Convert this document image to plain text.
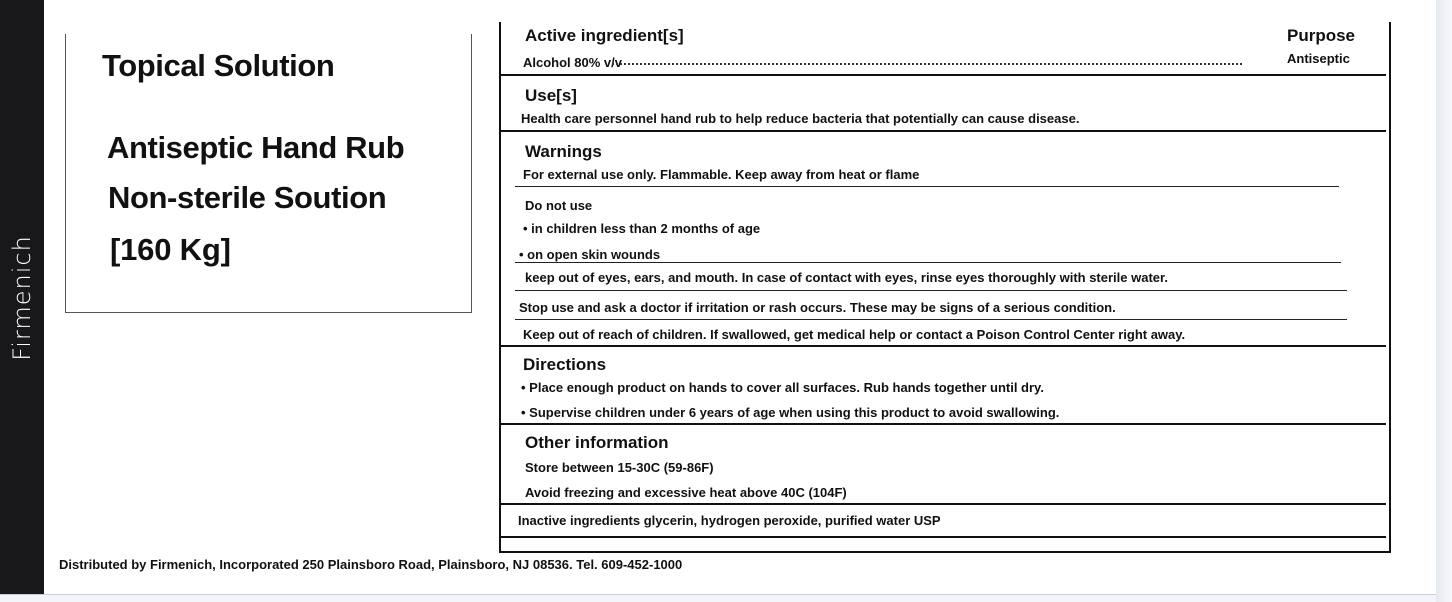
Firmenich
Topical Solution
Antiseptic Hand Rub
Non-sterile Soution
[160 Kg]
Active ingredient[s]	Purpose
Alcohol 80% v/v	Antiseptic
Use[s]
Health care personnel hand rub to help reduce bacteria that potentially can cause disease.
Warnings
For external use only. Flammable. Keep away from heat or flame
Do not use
• in children less than 2 months of age
• on open skin wounds
keep out of eyes, ears, and mouth. In case of contact with eyes, rinse eyes thoroughly with sterile water.
Stop use and ask a doctor if irritation or rash occurs. These may be signs of a serious condition.
Keep out of reach of children. If swallowed, get medical help or contact a Poison Control Center right away.
Directions
• Place enough product on hands to cover all surfaces. Rub hands together until dry.
• Supervise children under 6 years of age when using this product to avoid swallowing.
Other information
Store between 15-30C (59-86F)
Avoid freezing and excessive heat above 40C (104F)
Inactive ingredients glycerin, hydrogen peroxide, purified water USP
Distributed by Firmenich, Incorporated 250 Plainsboro Road, Plainsboro, NJ 08536. Tel. 609-452-1000
